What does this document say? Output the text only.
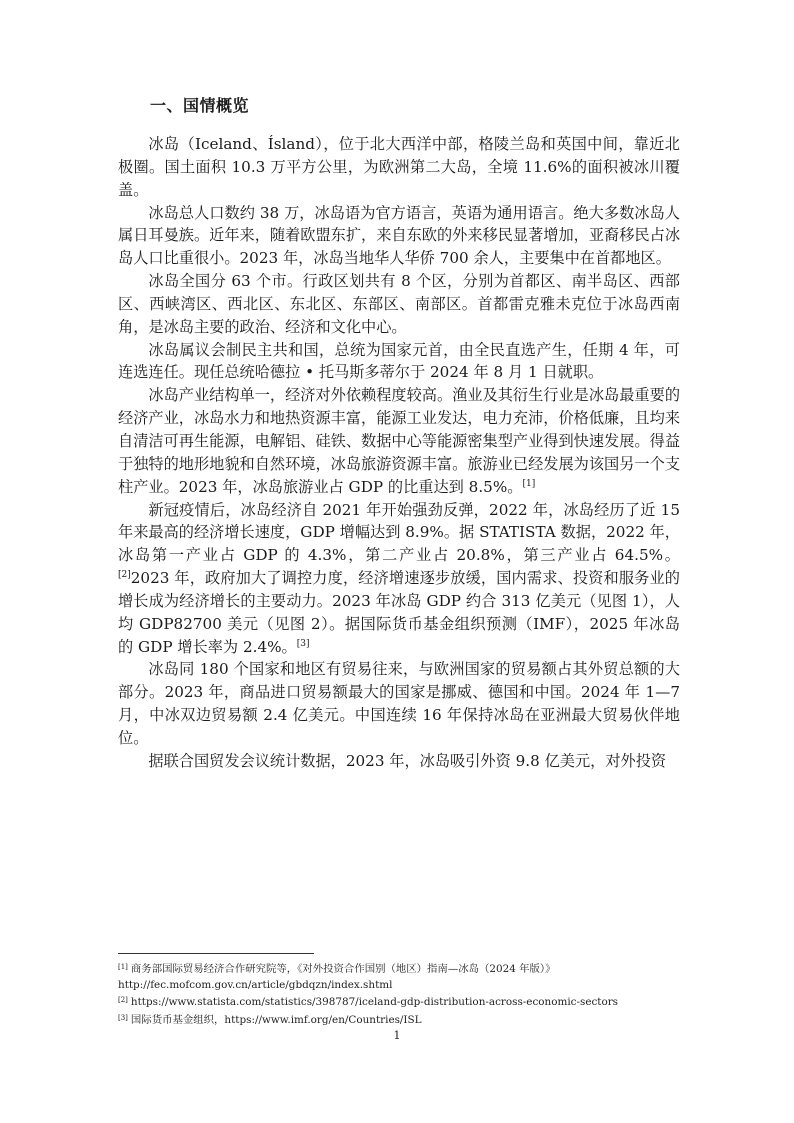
一、国情概览

冰岛（Iceland、Ísland），位于北大西洋中部，格陵兰岛和英国中间，靠近北极圈。国土面积 10.3 万平方公里，为欧洲第二大岛，全境 11.6%的面积被冰川覆盖。

冰岛总人口数约 38 万，冰岛语为官方语言，英语为通用语言。绝大多数冰岛人属日耳曼族。近年来，随着欧盟东扩，来自东欧的外来移民显著增加，亚裔移民占冰岛人口比重很小。2023 年，冰岛当地华人华侨 700 余人，主要集中在首都地区。

冰岛全国分 63 个市。行政区划共有 8 个区，分别为首都区、南半岛区、西部区、西峡湾区、西北区、东北区、东部区、南部区。首都雷克雅未克位于冰岛西南角，是冰岛主要的政治、经济和文化中心。

冰岛属议会制民主共和国，总统为国家元首，由全民直选产生，任期 4 年，可连选连任。现任总统哈德拉 • 托马斯多蒂尔于 2024 年 8 月 1 日就职。

冰岛产业结构单一，经济对外依赖程度较高。渔业及其衍生行业是冰岛最重要的经济产业，冰岛水力和地热资源丰富，能源工业发达，电力充沛，价格低廉，且均来自清洁可再生能源，电解铝、硅铁、数据中心等能源密集型产业得到快速发展。得益于独特的地形地貌和自然环境，冰岛旅游资源丰富。旅游业已经发展为该国另一个支柱产业。2023 年，冰岛旅游业占 GDP 的比重达到 8.5%。[1]

新冠疫情后，冰岛经济自 2021 年开始强劲反弹，2022 年，冰岛经历了近 15 年来最高的经济增长速度，GDP 增幅达到 8.9%。据 STATISTA 数据，2022 年，冰岛第一产业占 GDP 的 4.3%，第二产业占 20.8%，第三产业占 64.5%。[2]2023 年，政府加大了调控力度，经济增速逐步放缓，国内需求、投资和服务业的增长成为经济增长的主要动力。2023 年冰岛 GDP 约合 313 亿美元（见图 1），人均 GDP82700 美元（见图 2）。据国际货币基金组织预测（IMF），2025 年冰岛的 GDP 增长率为 2.4%。[3]

冰岛同 180 个国家和地区有贸易往来，与欧洲国家的贸易额占其外贸总额的大部分。2023 年，商品进口贸易额最大的国家是挪威、德国和中国。2024 年 1—7 月，中冰双边贸易额 2.4 亿美元。中国连续 16 年保持冰岛在亚洲最大贸易伙伴地位。

据联合国贸发会议统计数据，2023 年，冰岛吸引外资 9.8 亿美元，对外投资

[1] 商务部国际贸易经济合作研究院等，《对外投资合作国别（地区）指南—冰岛（2024 年版）》

http://fec.mofcom.gov.cn/article/gbdqzn/index.shtml

[2] https://www.statista.com/statistics/398787/iceland-gdp-distribution-across-economic-sectors

[3] 国际货币基金组织，https://www.imf.org/en/Countries/ISL

1
